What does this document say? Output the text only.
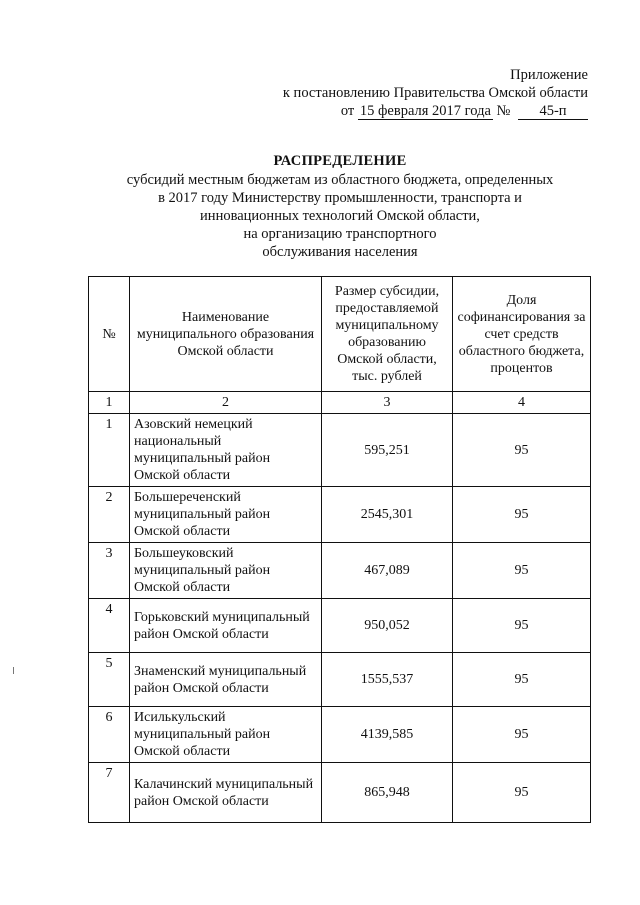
Приложение
к постановлению Правительства Омской области
от 15 февраля 2017 года № 45-п
РАСПРЕДЕЛЕНИЕ
субсидий местным бюджетам из областного бюджета, определенных
в 2017 году Министерству промышленности, транспорта и
инновационных технологий Омской области,
на организацию транспортного
обслуживания населения
№	Наименование муниципального образования Омской области	Размер субсидии, предоставляемой муниципальному образованию Омской области, тыс. рублей	Доля софинансирования за счет средств областного бюджета, процентов
1	2	3	4
1	Азовский немецкий национальный муниципальный район Омской области	595,251	95
2	Большереченский муниципальный район Омской области	2545,301	95
3	Большеуковский муниципальный район Омской области	467,089	95
4	Горьковский муниципальный район Омской области	950,052	95
5	Знаменский муниципальный район Омской области	1555,537	95
6	Исилькульский муниципальный район Омской области	4139,585	95
7	Калачинский муниципальный район Омской области	865,948	95
